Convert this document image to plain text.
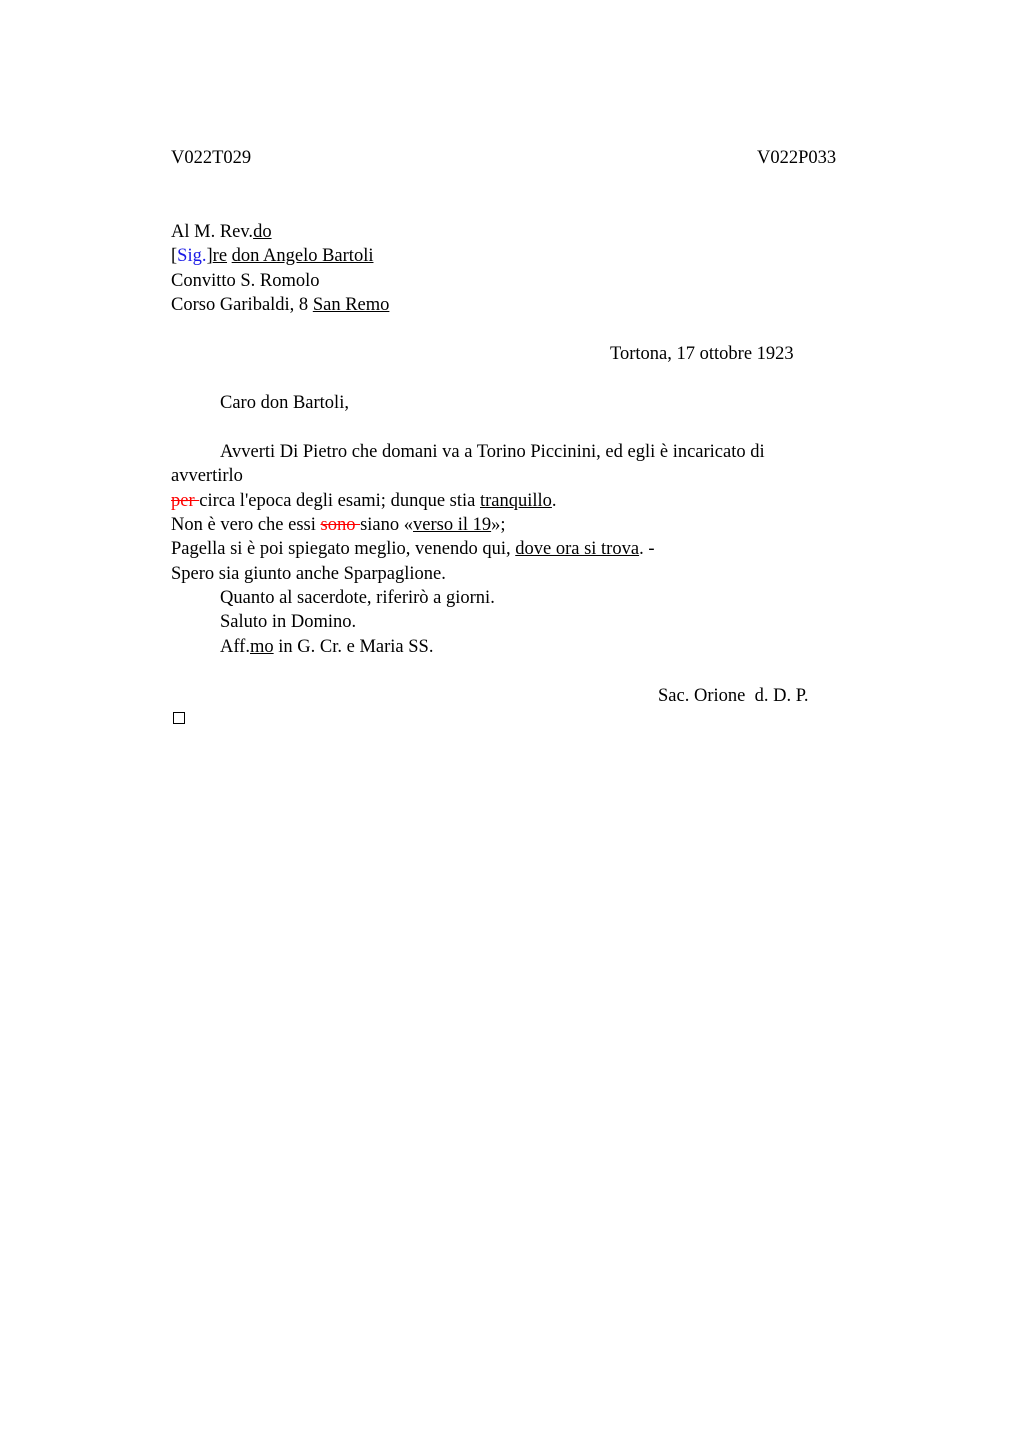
V022T029	V022P033
Al M. Rev.do
[Sig.]re don Angelo Bartoli
Convitto S. Romolo
Corso Garibaldi, 8 San Remo
Tortona, 17 ottobre 1923
Caro don Bartoli,
Avverti Di Pietro che domani va a Torino Piccinini, ed egli è incaricato di
avvertirlo
per circa l'epoca degli esami; dunque stia tranquillo.
Non è vero che essi sono siano «verso il 19»;
Pagella si è poi spiegato meglio, venendo qui, dove ora si trova. -
Spero sia giunto anche Sparpaglione.
Quanto al sacerdote, riferirò a giorni.
Saluto in Domino.
Aff.mo in G. Cr. e Maria SS.
Sac. Orione  d. D. P.
